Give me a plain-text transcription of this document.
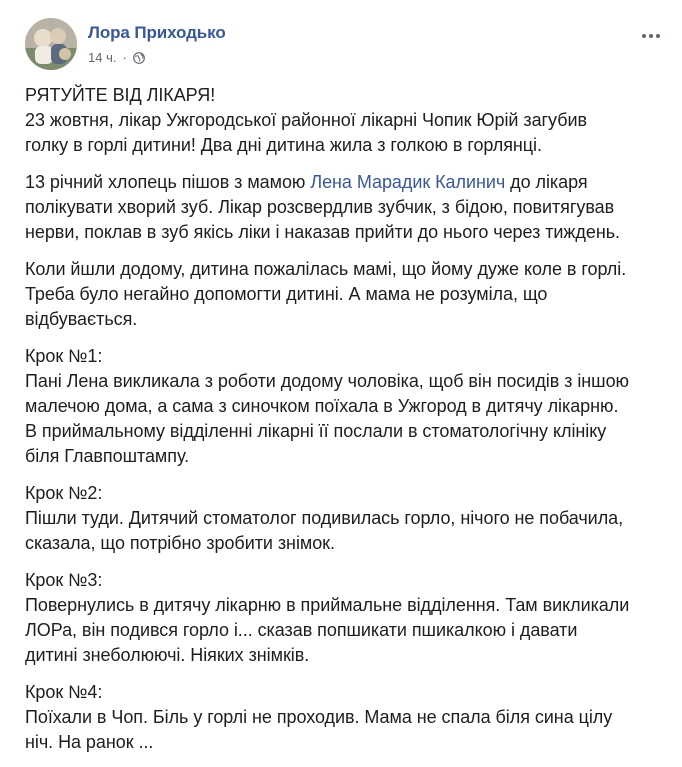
Лора Приходько
14 ч. ·

РЯТУЙТЕ ВІД ЛІКАРЯ!
23 жовтня, лікар Ужгородської районної лікарні Чопик Юрій загубив
голку в горлі дитини! Два дні дитина жила з голкою в горлянці.

13 річний хлопець пішов з мамою Лена Марадик Калинич до лікаря
полікувати хворий зуб. Лікар розсвердлив зубчик, з бідою, повитягував
нерви, поклав в зуб якісь ліки і наказав прийти до нього через тиждень.

Коли йшли додому, дитина пожалілась мамі, що йому дуже коле в горлі.
Треба було негайно допомогти дитині. А мама не розуміла, що
відбувається.

Крок №1:
Пані Лена викликала з роботи додому чоловіка, щоб він посидів з іншою
малечою дома, а сама з синочком поїхала в Ужгород в дитячу лікарню.
В приймальному відділенні лікарні її послали в стоматологічну клініку
біля Главпоштампу.

Крок №2:
Пішли туди. Дитячий стоматолог подивилась горло, нічого не побачила,
сказала, що потрібно зробити знімок.

Крок №3:
Повернулись в дитячу лікарню в приймальне відділення. Там викликали
ЛОРа, він подився горло і... сказав попшикати пшикалкою і давати
дитині знеболюючі. Ніяких знімків.

Крок №4:
Поїхали в Чоп. Біль у горлі не проходив. Мама не спала біля сина цілу
ніч. На ранок ...
